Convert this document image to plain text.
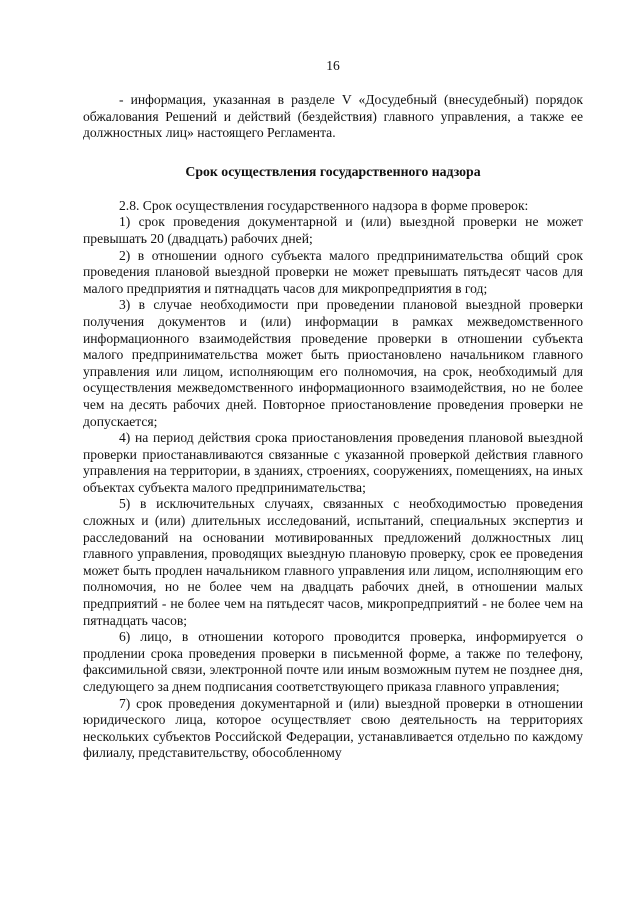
16

- информация, указанная в разделе V «Досудебный (внесудебный) порядок обжалования Решений и действий (бездействия) главного управления, а также ее должностных лиц» настоящего Регламента.

Срок осуществления государственного надзора

2.8. Срок осуществления государственного надзора в форме проверок:

1) срок проведения документарной и (или) выездной проверки не может превышать 20 (двадцать) рабочих дней;

2) в отношении одного субъекта малого предпринимательства общий срок проведения плановой выездной проверки не может превышать пятьдесят часов для малого предприятия и пятнадцать часов для микропредприятия в год;

3) в случае необходимости при проведении плановой выездной проверки получения документов и (или) информации в рамках межведомственного информационного взаимодействия проведение проверки в отношении субъекта малого предпринимательства может быть приостановлено начальником главного управления или лицом, исполняющим его полномочия, на срок, необходимый для осуществления межведомственного информационного взаимодействия, но не более чем на десять рабочих дней. Повторное приостановление проведения проверки не допускается;

4) на период действия срока приостановления проведения плановой выездной проверки приостанавливаются связанные с указанной проверкой действия главного управления на территории, в зданиях, строениях, сооружениях, помещениях, на иных объектах субъекта малого предпринимательства;

5) в исключительных случаях, связанных с необходимостью проведения сложных и (или) длительных исследований, испытаний, специальных экспертиз и расследований на основании мотивированных предложений должностных лиц главного управления, проводящих выездную плановую проверку, срок ее проведения может быть продлен начальником главного управления или лицом, исполняющим его полномочия, но не более чем на двадцать рабочих дней, в отношении малых предприятий - не более чем на пятьдесят часов, микропредприятий - не более чем на пятнадцать часов;

6) лицо, в отношении которого проводится проверка, информируется о продлении срока проведения проверки в письменной форме, а также по телефону, факсимильной связи, электронной почте или иным возможным путем не позднее дня, следующего за днем подписания соответствующего приказа главного управления;

7) срок проведения документарной и (или) выездной проверки в отношении юридического лица, которое осуществляет свою деятельность на территориях нескольких субъектов Российской Федерации, устанавливается отдельно по каждому филиалу, представительству, обособленному
